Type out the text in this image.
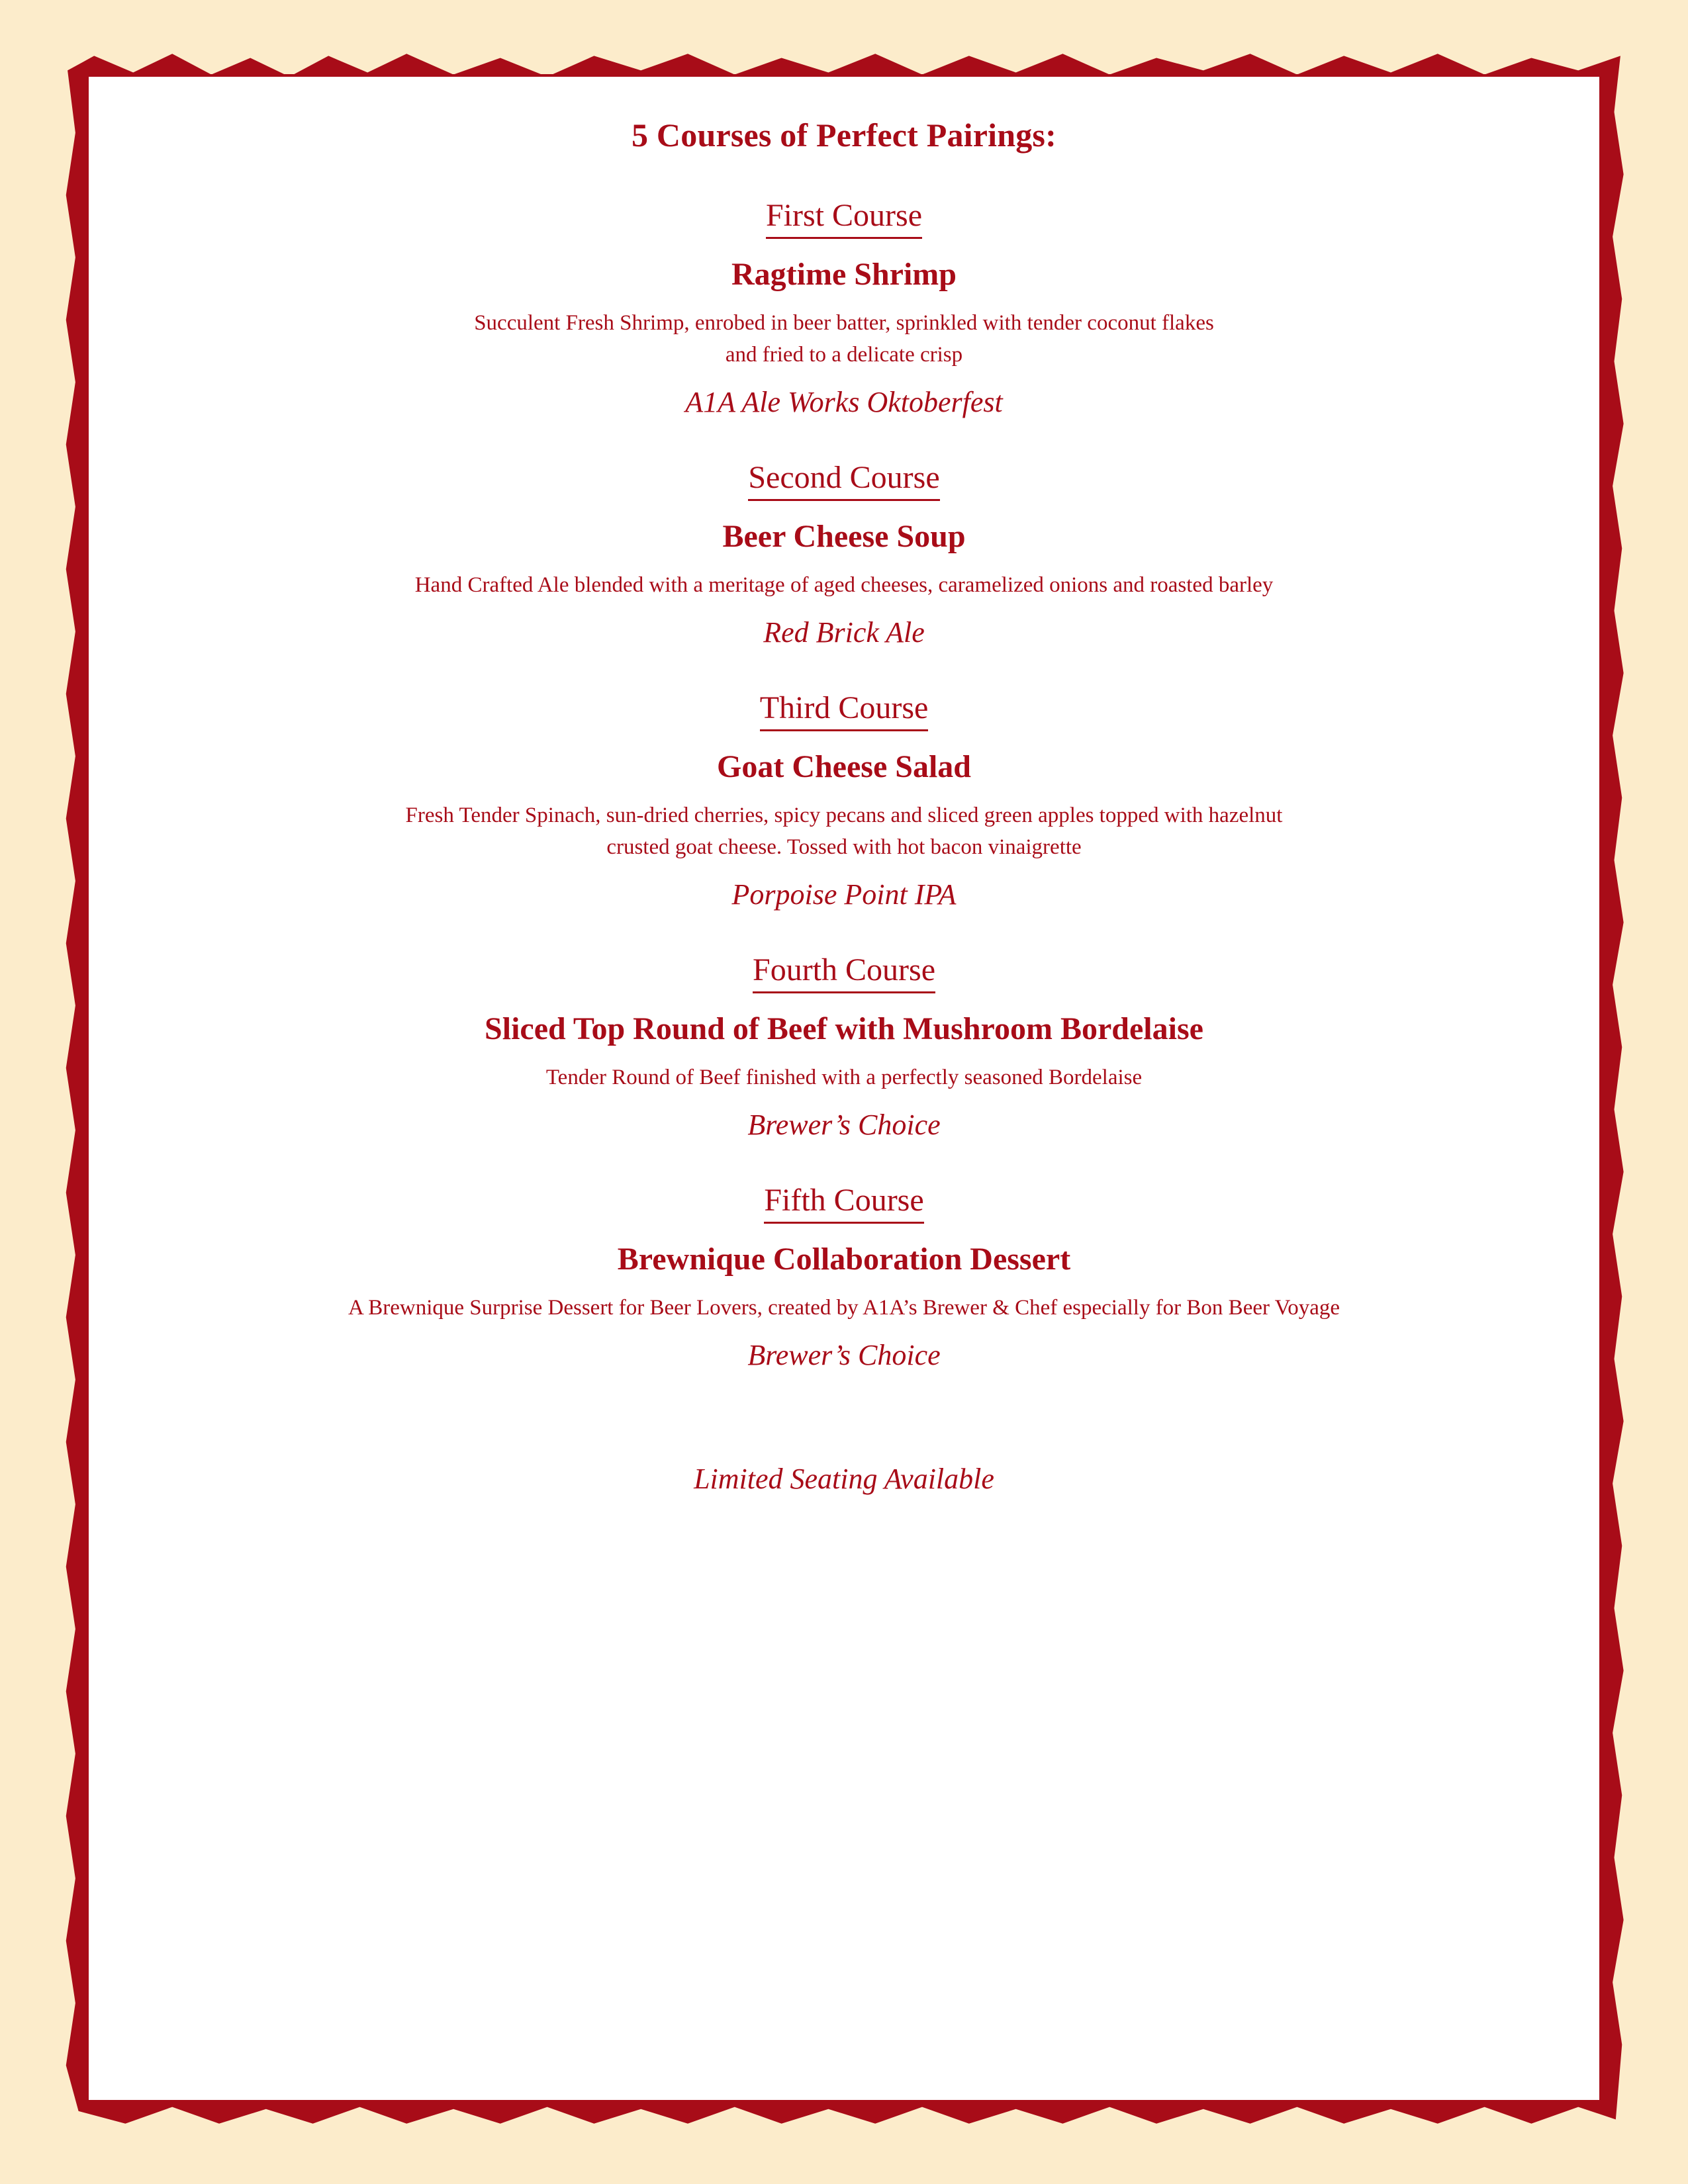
5 Courses of Perfect Pairings:
First Course
Ragtime Shrimp
Succulent Fresh Shrimp, enrobed in beer batter, sprinkled with tender coconut flakes
and fried to a delicate crisp
A1A Ale Works Oktoberfest
Second Course
Beer Cheese Soup
Hand Crafted Ale blended with a meritage of aged cheeses, caramelized onions and roasted barley
Red Brick Ale
Third Course
Goat Cheese Salad
Fresh Tender Spinach, sun-dried cherries, spicy pecans and sliced green apples topped with hazelnut
crusted goat cheese. Tossed with hot bacon vinaigrette
Porpoise Point IPA
Fourth Course
Sliced Top Round of Beef with Mushroom Bordelaise
Tender Round of Beef finished with a perfectly seasoned Bordelaise
Brewer’s Choice
Fifth Course
Brewnique Collaboration Dessert
A Brewnique Surprise Dessert for Beer Lovers, created by A1A’s Brewer & Chef especially for Bon Beer Voyage
Brewer’s Choice
Limited Seating Available
